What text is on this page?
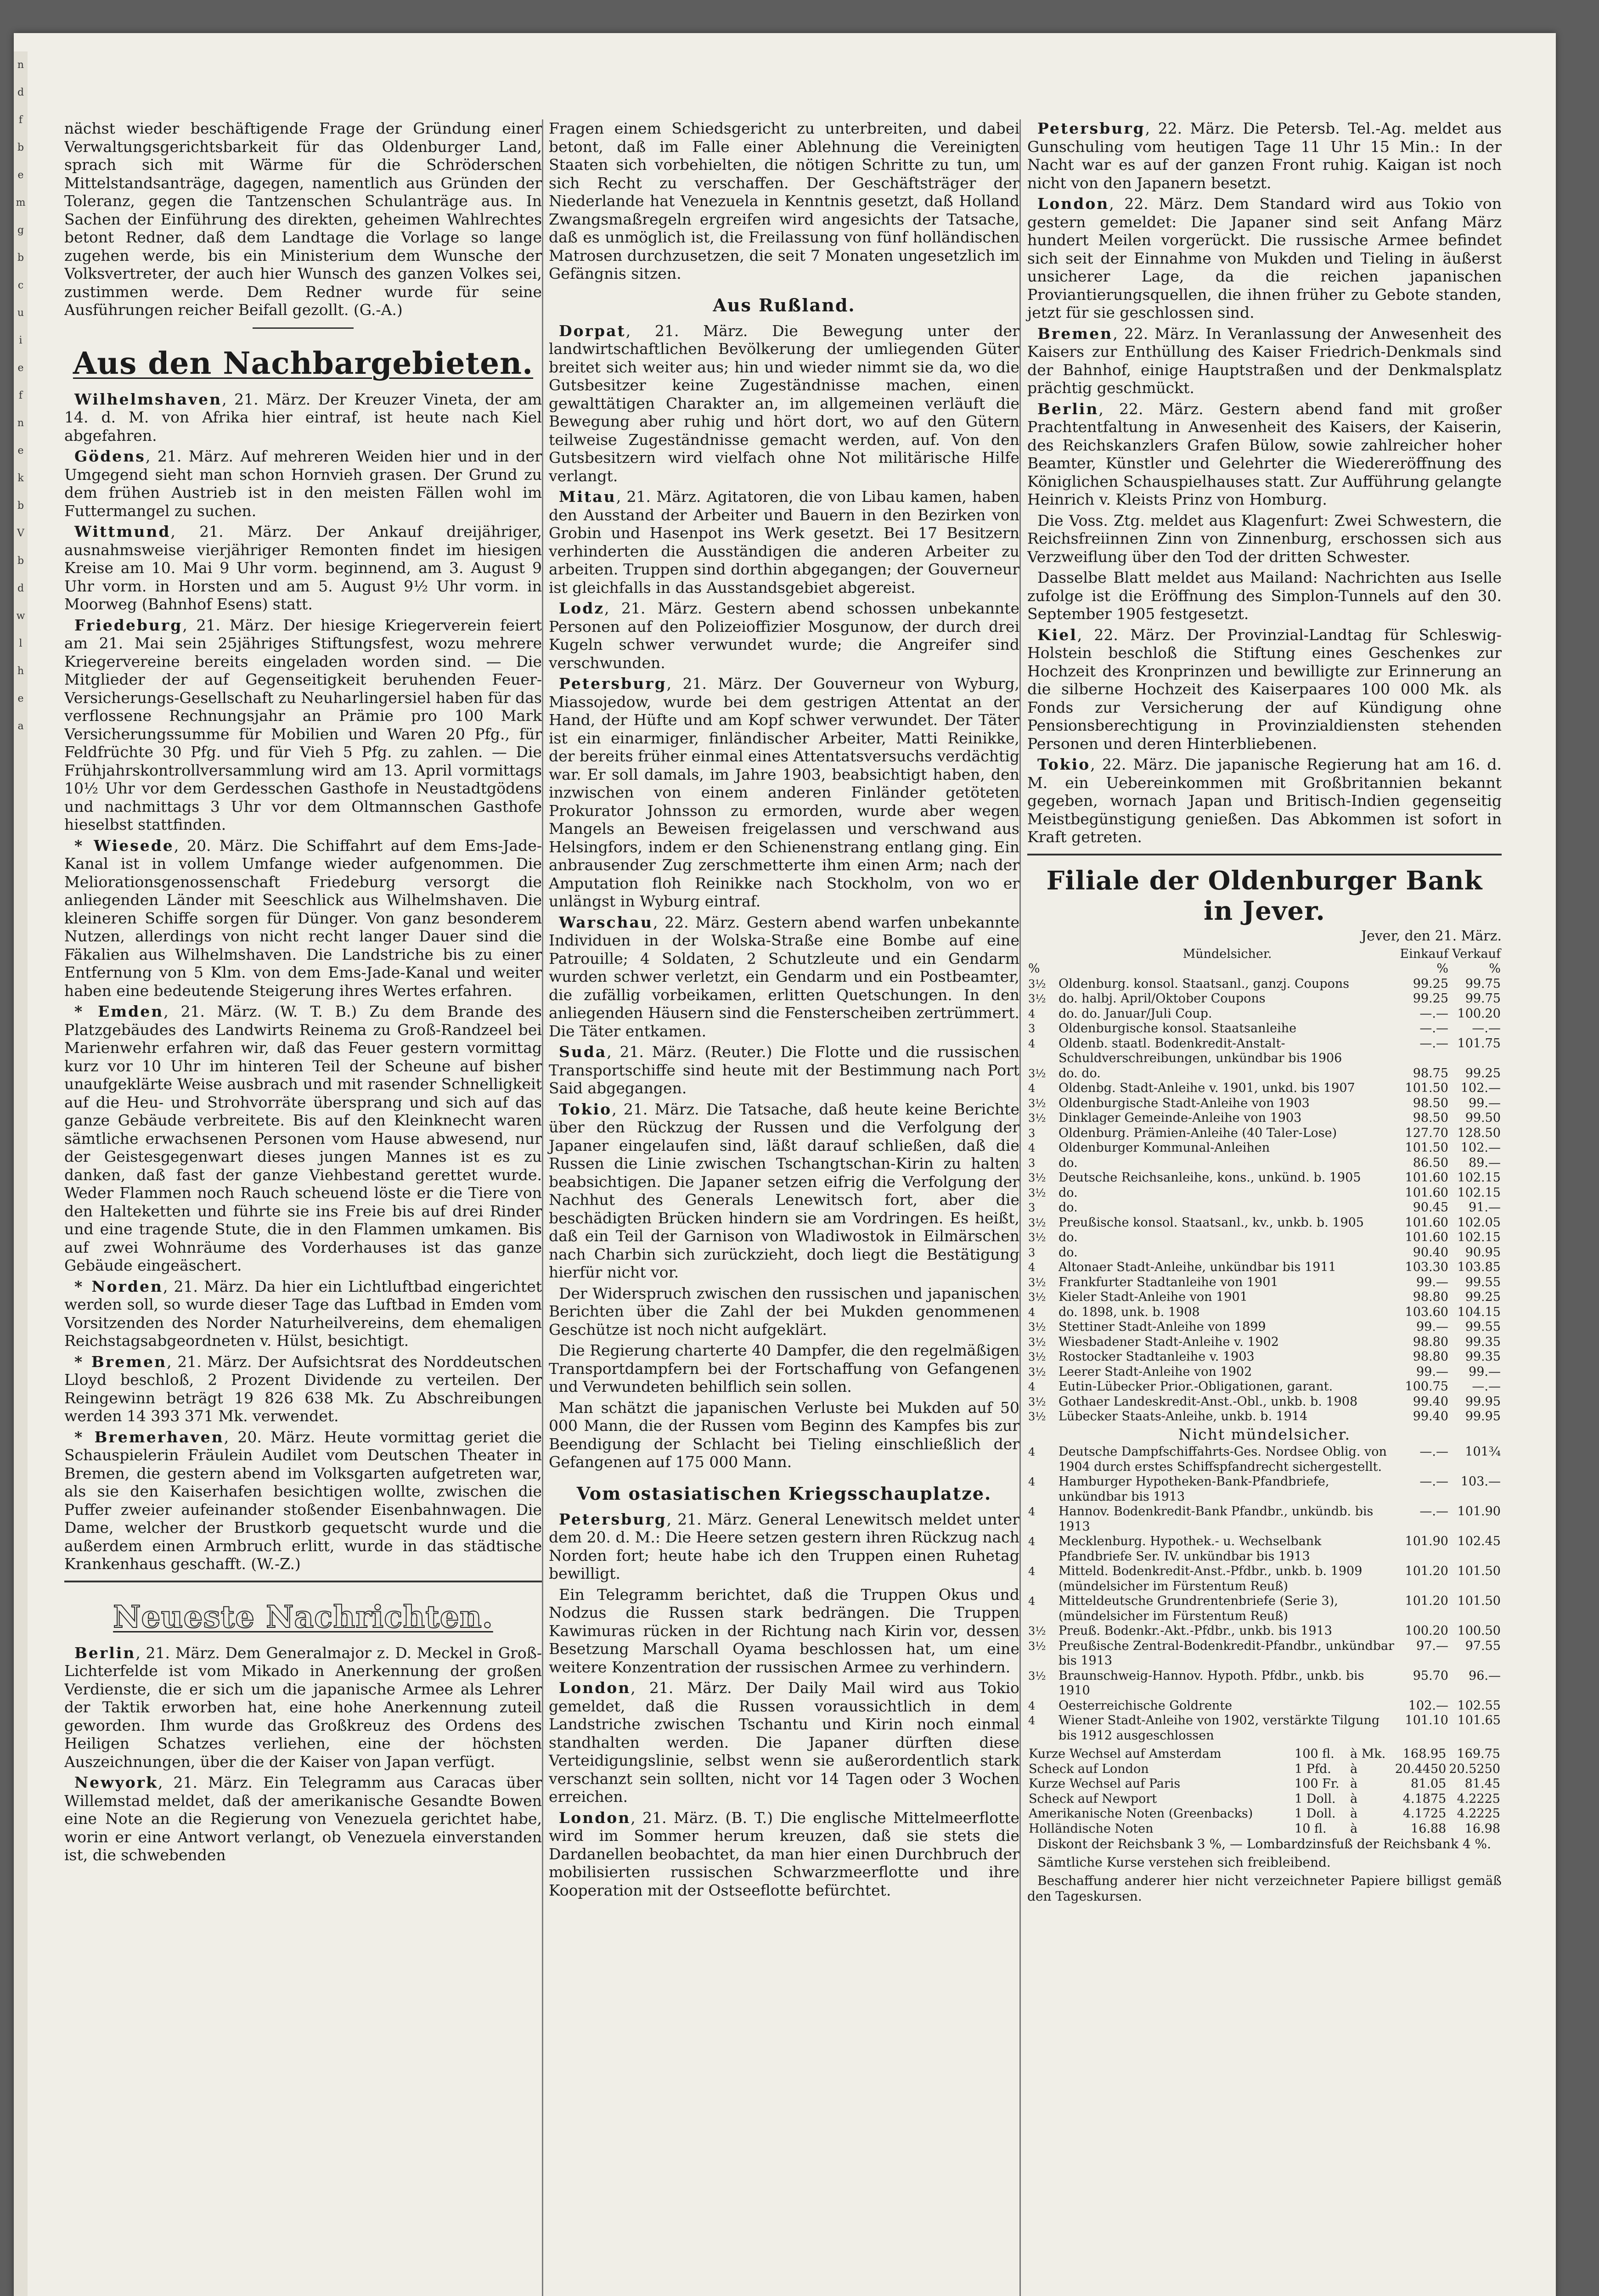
n
d
f
b
e
m
g
b
c
u
i
e
f
n
e
k
b
V
b
d
w
l
h
e
a

nächst wieder beschäftigende Frage der Gründung einer Verwaltungsgerichtsbarkeit für das Oldenburger Land, sprach sich mit Wärme für die Schröderschen Mittelstandsanträge, dagegen, namentlich aus Gründen der Toleranz, gegen die Tantzenschen Schulanträge aus. In Sachen der Einführung des direkten, geheimen Wahlrechtes betont Redner, daß dem Landtage die Vorlage so lange zugehen werde, bis ein Ministerium dem Wunsche der Volksvertreter, der auch hier Wunsch des ganzen Volkes sei, zustimmen werde. Dem Redner wurde für seine Ausführungen reicher Beifall gezollt. (G.-A.)

Aus den Nachbargebieten.

Wilhelmshaven, 21. März. Der Kreuzer Vineta, der am 14. d. M. von Afrika hier eintraf, ist heute nach Kiel abgefahren.

Gödens, 21. März. Auf mehreren Weiden hier und in der Umgegend sieht man schon Hornvieh grasen. Der Grund zu dem frühen Austrieb ist in den meisten Fällen wohl im Futtermangel zu suchen.

Wittmund, 21. März. Der Ankauf dreijähriger, ausnahmsweise vierjähriger Remonten findet im hiesigen Kreise am 10. Mai 9 Uhr vorm. beginnend, am 3. August 9 Uhr vorm. in Horsten und am 5. August 9½ Uhr vorm. in Moorweg (Bahnhof Esens) statt.

Friedeburg, 21. März. Der hiesige Kriegerverein feiert am 21. Mai sein 25jähriges Stiftungsfest, wozu mehrere Kriegervereine bereits eingeladen worden sind. — Die Mitglieder der auf Gegenseitigkeit beruhenden Feuer-Versicherungs-Gesellschaft zu Neuharlingersiel haben für das verflossene Rechnungsjahr an Prämie pro 100 Mark Versicherungssumme für Mobilien und Waren 20 Pfg., für Feldfrüchte 30 Pfg. und für Vieh 5 Pfg. zu zahlen. — Die Frühjahrskontrollversammlung wird am 13. April vormittags 10½ Uhr vor dem Gerdesschen Gasthofe in Neustadtgödens und nachmittags 3 Uhr vor dem Oltmannschen Gasthofe hieselbst stattfinden.

* Wiesede, 20. März. Die Schiffahrt auf dem Ems-Jade-Kanal ist in vollem Umfange wieder aufgenommen. Die Meliorationsgenossenschaft Friedeburg versorgt die anliegenden Länder mit Seeschlick aus Wilhelmshaven. Die kleineren Schiffe sorgen für Dünger. Von ganz besonderem Nutzen, allerdings von nicht recht langer Dauer sind die Fäkalien aus Wilhelmshaven. Die Landstriche bis zu einer Entfernung von 5 Klm. von dem Ems-Jade-Kanal und weiter haben eine bedeutende Steigerung ihres Wertes erfahren.

* Emden, 21. März. (W. T. B.) Zu dem Brande des Platzgebäudes des Landwirts Reinema zu Groß-Randzeel bei Marienwehr erfahren wir, daß das Feuer gestern vormittag kurz vor 10 Uhr im hinteren Teil der Scheune auf bisher unaufgeklärte Weise ausbrach und mit rasender Schnelligkeit auf die Heu- und Strohvorräte übersprang und sich auf das ganze Gebäude verbreitete. Bis auf den Kleinknecht waren sämtliche erwachsenen Personen vom Hause abwesend, nur der Geistesgegenwart dieses jungen Mannes ist es zu danken, daß fast der ganze Viehbestand gerettet wurde. Weder Flammen noch Rauch scheuend löste er die Tiere von den Halteketten und führte sie ins Freie bis auf drei Rinder und eine tragende Stute, die in den Flammen umkamen. Bis auf zwei Wohnräume des Vorderhauses ist das ganze Gebäude eingeäschert.

* Norden, 21. März. Da hier ein Lichtluftbad eingerichtet werden soll, so wurde dieser Tage das Luftbad in Emden vom Vorsitzenden des Norder Naturheilvereins, dem ehemaligen Reichstagsabgeordneten v. Hülst, besichtigt.

* Bremen, 21. März. Der Aufsichtsrat des Norddeutschen Lloyd beschloß, 2 Prozent Dividende zu verteilen. Der Reingewinn beträgt 19 826 638 Mk. Zu Abschreibungen werden 14 393 371 Mk. verwendet.

* Bremerhaven, 20. März. Heute vormittag geriet die Schauspielerin Fräulein Audilet vom Deutschen Theater in Bremen, die gestern abend im Volksgarten aufgetreten war, als sie den Kaiserhafen besichtigen wollte, zwischen die Puffer zweier aufeinander stoßender Eisenbahnwagen. Die Dame, welcher der Brustkorb gequetscht wurde und die außerdem einen Armbruch erlitt, wurde in das städtische Krankenhaus geschafft. (W.-Z.)

Neueste Nachrichten.

Berlin, 21. März. Dem Generalmajor z. D. Meckel in Groß-Lichterfelde ist vom Mikado in Anerkennung der großen Verdienste, die er sich um die japanische Armee als Lehrer der Taktik erworben hat, eine hohe Anerkennung zuteil geworden. Ihm wurde das Großkreuz des Ordens des Heiligen Schatzes verliehen, eine der höchsten Auszeichnungen, über die der Kaiser von Japan verfügt.

Newyork, 21. März. Ein Telegramm aus Caracas über Willemstad meldet, daß der amerikanische Gesandte Bowen eine Note an die Regierung von Venezuela gerichtet habe, worin er eine Antwort verlangt, ob Venezuela einverstanden ist, die schwebenden

Fragen einem Schiedsgericht zu unterbreiten, und dabei betont, daß im Falle einer Ablehnung die Vereinigten Staaten sich vorbehielten, die nötigen Schritte zu tun, um sich Recht zu verschaffen. Der Geschäftsträger der Niederlande hat Venezuela in Kenntnis gesetzt, daß Holland Zwangsmaßregeln ergreifen wird angesichts der Tatsache, daß es unmöglich ist, die Freilassung von fünf holländischen Matrosen durchzusetzen, die seit 7 Monaten ungesetzlich im Gefängnis sitzen.

Aus Rußland.

Dorpat, 21. März. Die Bewegung unter der landwirtschaftlichen Bevölkerung der umliegenden Güter breitet sich weiter aus; hin und wieder nimmt sie da, wo die Gutsbesitzer keine Zugeständnisse machen, einen gewalttätigen Charakter an, im allgemeinen verläuft die Bewegung aber ruhig und hört dort, wo auf den Gütern teilweise Zugeständnisse gemacht werden, auf. Von den Gutsbesitzern wird vielfach ohne Not militärische Hilfe verlangt.

Mitau, 21. März. Agitatoren, die von Libau kamen, haben den Ausstand der Arbeiter und Bauern in den Bezirken von Grobin und Hasenpot ins Werk gesetzt. Bei 17 Besitzern verhinderten die Ausständigen die anderen Arbeiter zu arbeiten. Truppen sind dorthin abgegangen; der Gouverneur ist gleichfalls in das Ausstandsgebiet abgereist.

Lodz, 21. März. Gestern abend schossen unbekannte Personen auf den Polizeioffizier Mosgunow, der durch drei Kugeln schwer verwundet wurde; die Angreifer sind verschwunden.

Petersburg, 21. März. Der Gouverneur von Wyburg, Miassojedow, wurde bei dem gestrigen Attentat an der Hand, der Hüfte und am Kopf schwer verwundet. Der Täter ist ein einarmiger, finländischer Arbeiter, Matti Reinikke, der bereits früher einmal eines Attentatsversuchs verdächtig war. Er soll damals, im Jahre 1903, beabsichtigt haben, den inzwischen von einem anderen Finländer getöteten Prokurator Johnsson zu ermorden, wurde aber wegen Mangels an Beweisen freigelassen und verschwand aus Helsingfors, indem er den Schienenstrang entlang ging. Ein anbrausender Zug zerschmetterte ihm einen Arm; nach der Amputation floh Reinikke nach Stockholm, von wo er unlängst in Wyburg eintraf.

Warschau, 22. März. Gestern abend warfen unbekannte Individuen in der Wolska-Straße eine Bombe auf eine Patrouille; 4 Soldaten, 2 Schutzleute und ein Gendarm wurden schwer verletzt, ein Gendarm und ein Postbeamter, die zufällig vorbeikamen, erlitten Quetschungen. In den anliegenden Häusern sind die Fensterscheiben zertrümmert. Die Täter entkamen.

Suda, 21. März. (Reuter.) Die Flotte und die russischen Transportschiffe sind heute mit der Bestimmung nach Port Said abgegangen.

Tokio, 21. März. Die Tatsache, daß heute keine Berichte über den Rückzug der Russen und die Verfolgung der Japaner eingelaufen sind, läßt darauf schließen, daß die Russen die Linie zwischen Tschangtschan-Kirin zu halten beabsichtigen. Die Japaner setzen eifrig die Verfolgung der Nachhut des Generals Lenewitsch fort, aber die beschädigten Brücken hindern sie am Vordringen. Es heißt, daß ein Teil der Garnison von Wladiwostok in Eilmärschen nach Charbin sich zurückzieht, doch liegt die Bestätigung hierfür nicht vor.

Der Widerspruch zwischen den russischen und japanischen Berichten über die Zahl der bei Mukden genommenen Geschütze ist noch nicht aufgeklärt.

Die Regierung charterte 40 Dampfer, die den regelmäßigen Transportdampfern bei der Fortschaffung von Gefangenen und Verwundeten behilflich sein sollen.

Man schätzt die japanischen Verluste bei Mukden auf 50 000 Mann, die der Russen vom Beginn des Kampfes bis zur Beendigung der Schlacht bei Tieling einschließlich der Gefangenen auf 175 000 Mann.

Vom ostasiatischen Kriegsschauplatze.

Petersburg, 21. März. General Lenewitsch meldet unter dem 20. d. M.: Die Heere setzen gestern ihren Rückzug nach Norden fort; heute habe ich den Truppen einen Ruhetag bewilligt.

Ein Telegramm berichtet, daß die Truppen Okus und Nodzus die Russen stark bedrängen. Die Truppen Kawimuras rücken in der Richtung nach Kirin vor, dessen Besetzung Marschall Oyama beschlossen hat, um eine weitere Konzentration der russischen Armee zu verhindern.

London, 21. März. Der Daily Mail wird aus Tokio gemeldet, daß die Russen voraussichtlich in dem Landstriche zwischen Tschantu und Kirin noch einmal standhalten werden. Die Japaner dürften diese Verteidigungslinie, selbst wenn sie außerordentlich stark verschanzt sein sollten, nicht vor 14 Tagen oder 3 Wochen erreichen.

London, 21. März. (B. T.) Die englische Mittelmeerflotte wird im Sommer herum kreuzen, daß sie stets die Dardanellen beobachtet, da man hier einen Durchbruch der mobilisierten russischen Schwarzmeerflotte und ihre Kooperation mit der Ostseeflotte befürchtet.

Petersburg, 22. März. Die Petersb. Tel.-Ag. meldet aus Gunschuling vom heutigen Tage 11 Uhr 15 Min.: In der Nacht war es auf der ganzen Front ruhig. Kaigan ist noch nicht von den Japanern besetzt.

London, 22. März. Dem Standard wird aus Tokio von gestern gemeldet: Die Japaner sind seit Anfang März hundert Meilen vorgerückt. Die russische Armee befindet sich seit der Einnahme von Mukden und Tieling in äußerst unsicherer Lage, da die reichen japanischen Proviantierungsquellen, die ihnen früher zu Gebote standen, jetzt für sie geschlossen sind.

Bremen, 22. März. In Veranlassung der Anwesenheit des Kaisers zur Enthüllung des Kaiser Friedrich-Denkmals sind der Bahnhof, einige Hauptstraßen und der Denkmalsplatz prächtig geschmückt.

Berlin, 22. März. Gestern abend fand mit großer Prachtentfaltung in Anwesenheit des Kaisers, der Kaiserin, des Reichskanzlers Grafen Bülow, sowie zahlreicher hoher Beamter, Künstler und Gelehrter die Wiedereröffnung des Königlichen Schauspielhauses statt. Zur Aufführung gelangte Heinrich v. Kleists Prinz von Homburg.

Die Voss. Ztg. meldet aus Klagenfurt: Zwei Schwestern, die Reichsfreiinnen Zinn von Zinnenburg, erschossen sich aus Verzweiflung über den Tod der dritten Schwester.

Dasselbe Blatt meldet aus Mailand: Nachrichten aus Iselle zufolge ist die Eröffnung des Simplon-Tunnels auf den 30. September 1905 festgesetzt.

Kiel, 22. März. Der Provinzial-Landtag für Schleswig-Holstein beschloß die Stiftung eines Geschenkes zur Hochzeit des Kronprinzen und bewilligte zur Erinnerung an die silberne Hochzeit des Kaiserpaares 100 000 Mk. als Fonds zur Versicherung der auf Kündigung ohne Pensionsberechtigung in Provinzialdiensten stehenden Personen und deren Hinterbliebenen.

Tokio, 22. März. Die japanische Regierung hat am 16. d. M. ein Uebereinkommen mit Großbritannien bekannt gegeben, wornach Japan und Britisch-Indien gegenseitig Meistbegünstigung genießen. Das Abkommen ist sofort in Kraft getreten.

Filiale der Oldenburger Bank in Jever.
Jever, den 21. März.
	Mündelsicher.	Einkauf	Verkauf
%		%	%
3½	Oldenburg. konsol. Staatsanl., ganzj. Coupons	99.25	99.75
3½	do. halbj. April/Oktober Coupons	99.25	99.75
4	do. do. Januar/Juli Coup.	—.—	100.20
3	Oldenburgische konsol. Staatsanleihe	—.—	—.—
4	Oldenb. staatl. Bodenkredit-Anstalt-Schuldverschreibungen, unkündbar bis 1906	—.—	101.75
3½	do. do.	98.75	99.25
4	Oldenbg. Stadt-Anleihe v. 1901, unkd. bis 1907	101.50	102.—
3½	Oldenburgische Stadt-Anleihe von 1903	98.50	99.—
3½	Dinklager Gemeinde-Anleihe von 1903	98.50	99.50
3	Oldenburg. Prämien-Anleihe (40 Taler-Lose)	127.70	128.50
4	Oldenburger Kommunal-Anleihen	101.50	102.—
3	do.	86.50	89.—
3½	Deutsche Reichsanleihe, kons., unkünd. b. 1905	101.60	102.15
3½	do.	101.60	102.15
3	do.	90.45	91.—
3½	Preußische konsol. Staatsanl., kv., unkb. b. 1905	101.60	102.05
3½	do.	101.60	102.15
3	do.	90.40	90.95
4	Altonaer Stadt-Anleihe, unkündbar bis 1911	103.30	103.85
3½	Frankfurter Stadtanleihe von 1901	99.—	99.55
3½	Kieler Stadt-Anleihe von 1901	98.80	99.25
4	do. 1898, unk. b. 1908	103.60	104.15
3½	Stettiner Stadt-Anleihe von 1899	99.—	99.55
3½	Wiesbadener Stadt-Anleihe v. 1902	98.80	99.35
3½	Rostocker Stadtanleihe v. 1903	98.80	99.35
3½	Leerer Stadt-Anleihe von 1902	99.—	99.—
4	Eutin-Lübecker Prior.-Obligationen, garant.	100.75	—.—
3½	Gothaer Landeskredit-Anst.-Obl., unkb. b. 1908	99.40	99.95
3½	Lübecker Staats-Anleihe, unkb. b. 1914	99.40	99.95
Nicht mündelsicher.			
4	Deutsche Dampfschiffahrts-Ges. Nordsee Oblig. von 1904 durch erstes Schiffspfandrecht sichergestellt.	—.—	101¾
4	Hamburger Hypotheken-Bank-Pfandbriefe, unkündbar bis 1913	—.—	103.—
4	Hannov. Bodenkredit-Bank Pfandbr., unkündb. bis 1913	—.—	101.90
4	Mecklenburg. Hypothek.- u. Wechselbank Pfandbriefe Ser. IV. unkündbar bis 1913	101.90	102.45
4	Mitteld. Bodenkredit-Anst.-Pfdbr., unkb. b. 1909 (mündelsicher im Fürstentum Reuß)	101.20	101.50
4	Mitteldeutsche Grundrentenbriefe (Serie 3), (mündelsicher im Fürstentum Reuß)	101.20	101.50
3½	Preuß. Bodenkr.-Akt.-Pfdbr., unkb. bis 1913	100.20	100.50
3½	Preußische Zentral-Bodenkredit-Pfandbr., unkündbar bis 1913	97.—	97.55
3½	Braunschweig-Hannov. Hypoth. Pfdbr., unkb. bis 1910	95.70	96.—
4	Oesterreichische Goldrente	102.—	102.55
4	Wiener Stadt-Anleihe von 1902, verstärkte Tilgung bis 1912 ausgeschlossen	101.10	101.65
Kurze Wechsel auf Amsterdam	100 fl.	à Mk.	168.95	169.75
Scheck auf London	1 Pfd.	à	20.4450	20.5250
Kurze Wechsel auf Paris	100 Fr.	à	81.05	81.45
Scheck auf Newport	1 Doll.	à	4.1875	4.2225
Amerikanische Noten (Greenbacks)	1 Doll.	à	4.1725	4.2225
Holländische Noten	10 fl.	à	16.88	16.98

Diskont der Reichsbank 3 %, — Lombardzinsfuß der Reichsbank 4 %.

Sämtliche Kurse verstehen sich freibleibend.

Beschaffung anderer hier nicht verzeichneter Papiere billigst gemäß den Tageskursen.
